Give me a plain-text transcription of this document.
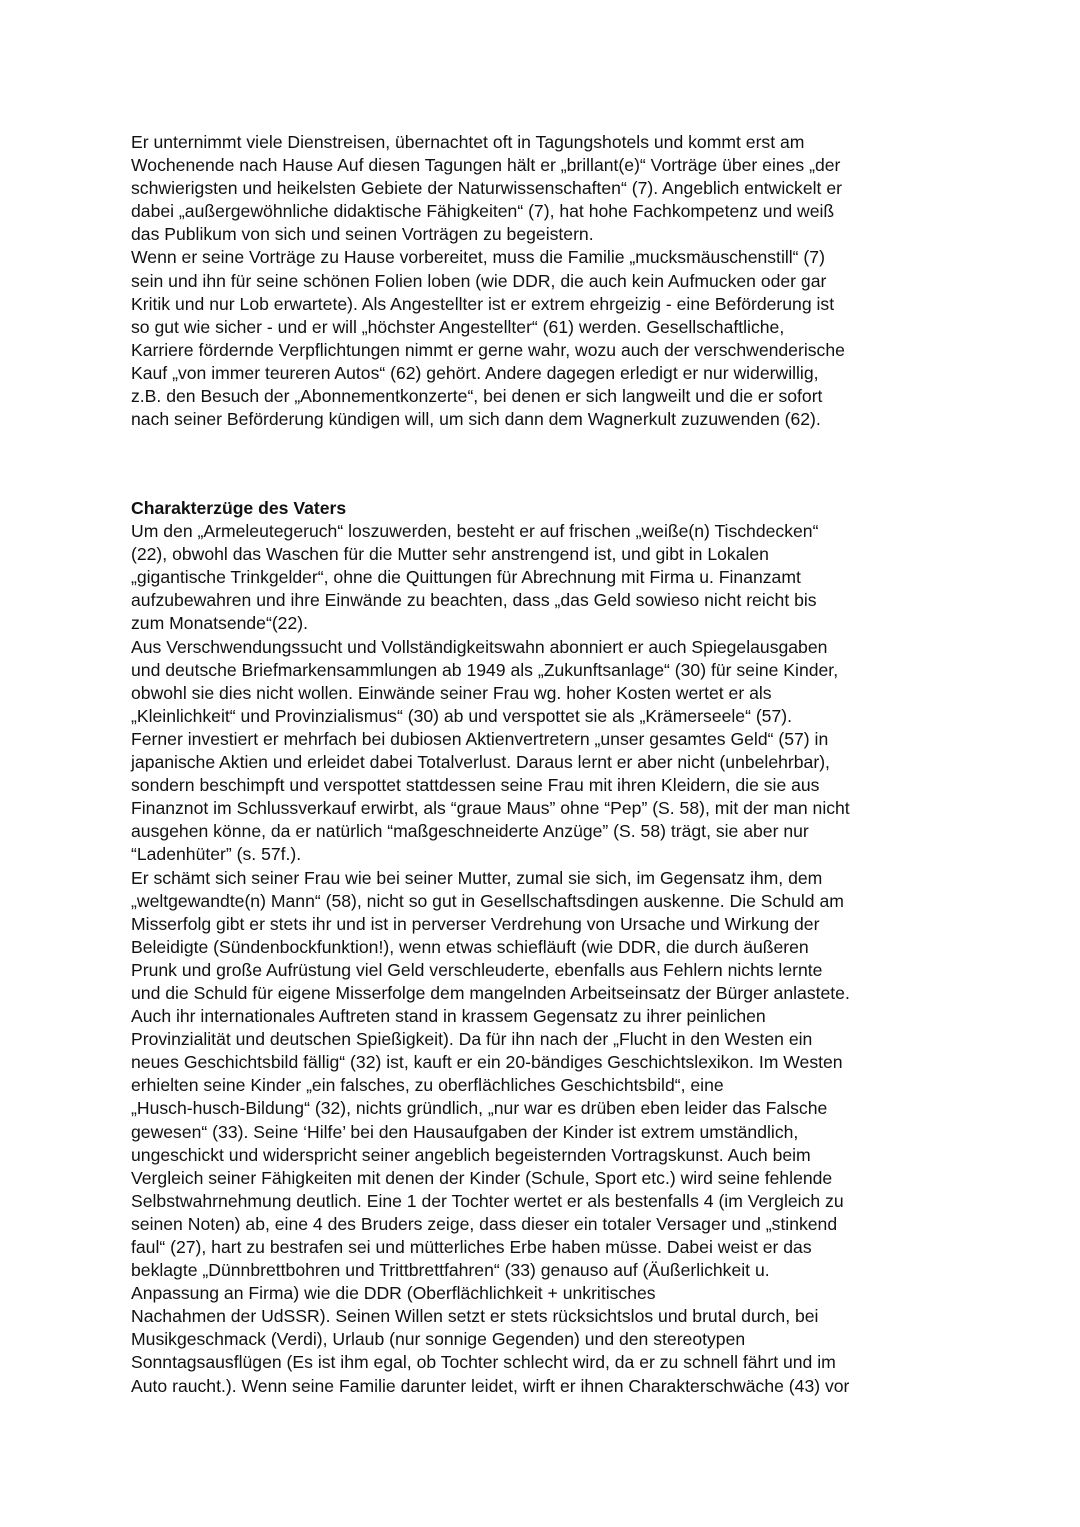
Er unternimmt viele Dienstreisen, übernachtet oft in Tagungshotels und kommt erst am
Wochenende nach Hause Auf diesen Tagungen hält er „brillant(e)“ Vorträge über eines „der
schwierigsten und heikelsten Gebiete der Naturwissenschaften“ (7). Angeblich entwickelt er
dabei „außergewöhnliche didaktische Fähigkeiten“ (7), hat hohe Fachkompetenz und weiß
das Publikum von sich und seinen Vorträgen zu begeistern.
Wenn er seine Vorträge zu Hause vorbereitet, muss die Familie „mucksmäuschenstill“ (7)
sein und ihn für seine schönen Folien loben (wie DDR, die auch kein Aufmucken oder gar
Kritik und nur Lob erwartete). Als Angestellter ist er extrem ehrgeizig - eine Beförderung ist
so gut wie sicher - und er will „höchster Angestellter“ (61) werden. Gesellschaftliche,
Karriere fördernde Verpflichtungen nimmt er gerne wahr, wozu auch der verschwenderische
Kauf „von immer teureren Autos“ (62) gehört. Andere dagegen erledigt er nur widerwillig,
z.B. den Besuch der „Abonnementkonzerte“, bei denen er sich langweilt und die er sofort
nach seiner Beförderung kündigen will, um sich dann dem Wagnerkult zuzuwenden (62).
Charakterzüge des Vaters
Um den „Armeleutegeruch“ loszuwerden, besteht er auf frischen „weiße(n) Tischdecken“
(22), obwohl das Waschen für die Mutter sehr anstrengend ist, und gibt in Lokalen
„gigantische Trinkgelder“, ohne die Quittungen für Abrechnung mit Firma u. Finanzamt
aufzubewahren und ihre Einwände zu beachten, dass „das Geld sowieso nicht reicht bis
zum Monatsende“(22).
Aus Verschwendungssucht und Vollständigkeitswahn abonniert er auch Spiegelausgaben
und deutsche Briefmarkensammlungen ab 1949 als „Zukunftsanlage“ (30) für seine Kinder,
obwohl sie dies nicht wollen. Einwände seiner Frau wg. hoher Kosten wertet er als
„Kleinlichkeit“ und Provinzialismus“ (30) ab und verspottet sie als „Krämerseele“ (57).
Ferner investiert er mehrfach bei dubiosen Aktienvertretern „unser gesamtes Geld“ (57) in
japanische Aktien und erleidet dabei Totalverlust. Daraus lernt er aber nicht (unbelehrbar),
sondern beschimpft und verspottet stattdessen seine Frau mit ihren Kleidern, die sie aus
Finanznot im Schlussverkauf erwirbt, als “graue Maus” ohne “Pep” (S. 58), mit der man nicht
ausgehen könne, da er natürlich “maßgeschneiderte Anzüge” (S. 58) trägt, sie aber nur
“Ladenhüter” (s. 57f.).
Er schämt sich seiner Frau wie bei seiner Mutter, zumal sie sich, im Gegensatz ihm, dem
„weltgewandte(n) Mann“ (58), nicht so gut in Gesellschaftsdingen auskenne. Die Schuld am
Misserfolg gibt er stets ihr und ist in perverser Verdrehung von Ursache und Wirkung der
Beleidigte (Sündenbockfunktion!), wenn etwas schiefläuft (wie DDR, die durch äußeren
Prunk und große Aufrüstung viel Geld verschleuderte, ebenfalls aus Fehlern nichts lernte
und die Schuld für eigene Misserfolge dem mangelnden Arbeitseinsatz der Bürger anlastete.
Auch ihr internationales Auftreten stand in krassem Gegensatz zu ihrer peinlichen
Provinzialität und deutschen Spießigkeit). Da für ihn nach der „Flucht in den Westen ein
neues Geschichtsbild fällig“ (32) ist, kauft er ein 20-bändiges Geschichtslexikon. Im Westen
erhielten seine Kinder „ein falsches, zu oberflächliches Geschichtsbild“, eine
„Husch-husch-Bildung“ (32), nichts gründlich, „nur war es drüben eben leider das Falsche
gewesen“ (33). Seine ‘Hilfe’ bei den Hausaufgaben der Kinder ist extrem umständlich,
ungeschickt und widerspricht seiner angeblich begeisternden Vortragskunst. Auch beim
Vergleich seiner Fähigkeiten mit denen der Kinder (Schule, Sport etc.) wird seine fehlende
Selbstwahrnehmung deutlich. Eine 1 der Tochter wertet er als bestenfalls 4 (im Vergleich zu
seinen Noten) ab, eine 4 des Bruders zeige, dass dieser ein totaler Versager und „stinkend
faul“ (27), hart zu bestrafen sei und mütterliches Erbe haben müsse. Dabei weist er das
beklagte „Dünnbrettbohren und Trittbrettfahren“ (33) genauso auf (Äußerlichkeit u.
Anpassung an Firma) wie die DDR (Oberflächlichkeit + unkritisches
Nachahmen der UdSSR). Seinen Willen setzt er stets rücksichtslos und brutal durch, bei
Musikgeschmack (Verdi), Urlaub (nur sonnige Gegenden) und den stereotypen
Sonntagsausflügen (Es ist ihm egal, ob Tochter schlecht wird, da er zu schnell fährt und im
Auto raucht.). Wenn seine Familie darunter leidet, wirft er ihnen Charakterschwäche (43) vor
